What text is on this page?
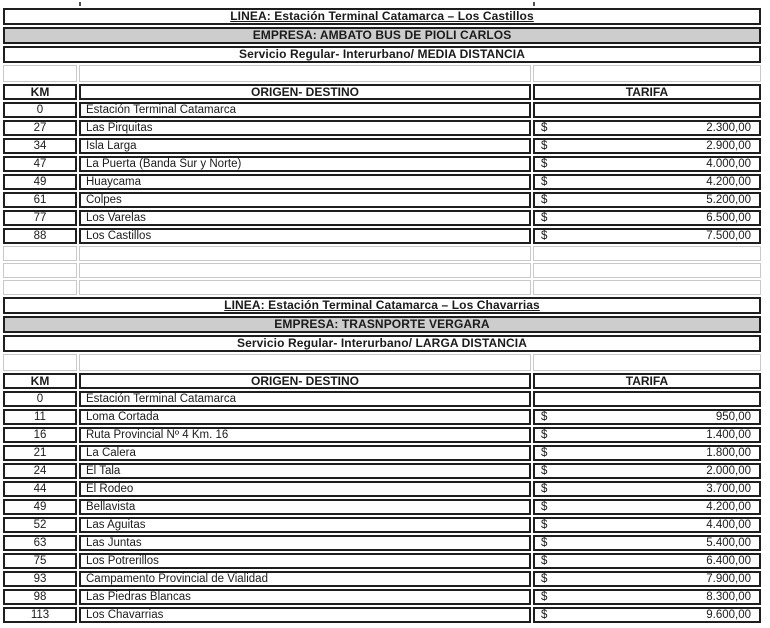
LINEA: Estación Terminal Catamarca – Los Castillos		
EMPRESA: AMBATO BUS DE PIOLI CARLOS		
Servicio Regular- Interurbano/ MEDIA DISTANCIA		

KM	ORIGEN- DESTINO	TARIFA
0	Estación Terminal Catamarca	

27	Las Pirquitas	$ 2.300,00

34	Isla Larga	$ 2.900,00

47	La Puerta (Banda Sur y Norte)	$ 4.000,00

49	Huaycama	$ 4.200,00

61	Colpes	$ 5.200,00

77	Los Varelas	$ 6.500,00

88	Los Castillos	$ 7.500,00

LINEA: Estación Terminal Catamarca – Los Chavarrias		
EMPRESA: TRASNPORTE VERGARA		
Servicio Regular- Interurbano/ LARGA DISTANCIA		

KM	ORIGEN- DESTINO	TARIFA
0	Estación Terminal Catamarca	

11	Loma Cortada	$ 950,00

16	Ruta Provincial Nº 4 Km. 16	$ 1.400,00

21	La Calera	$ 1.800,00

24	El Tala	$ 2.000,00

44	El Rodeo	$ 3.700,00

49	Bellavista	$ 4.200,00

52	Las Aguitas	$ 4.400,00

63	Las Juntas	$ 5.400,00

75	Los Potrerillos	$ 6.400,00

93	Campamento Provincial de Vialidad	$ 7.900,00

98	Las Piedras Blancas	$ 8.300,00

113	Los Chavarrias	$ 9.600,00
